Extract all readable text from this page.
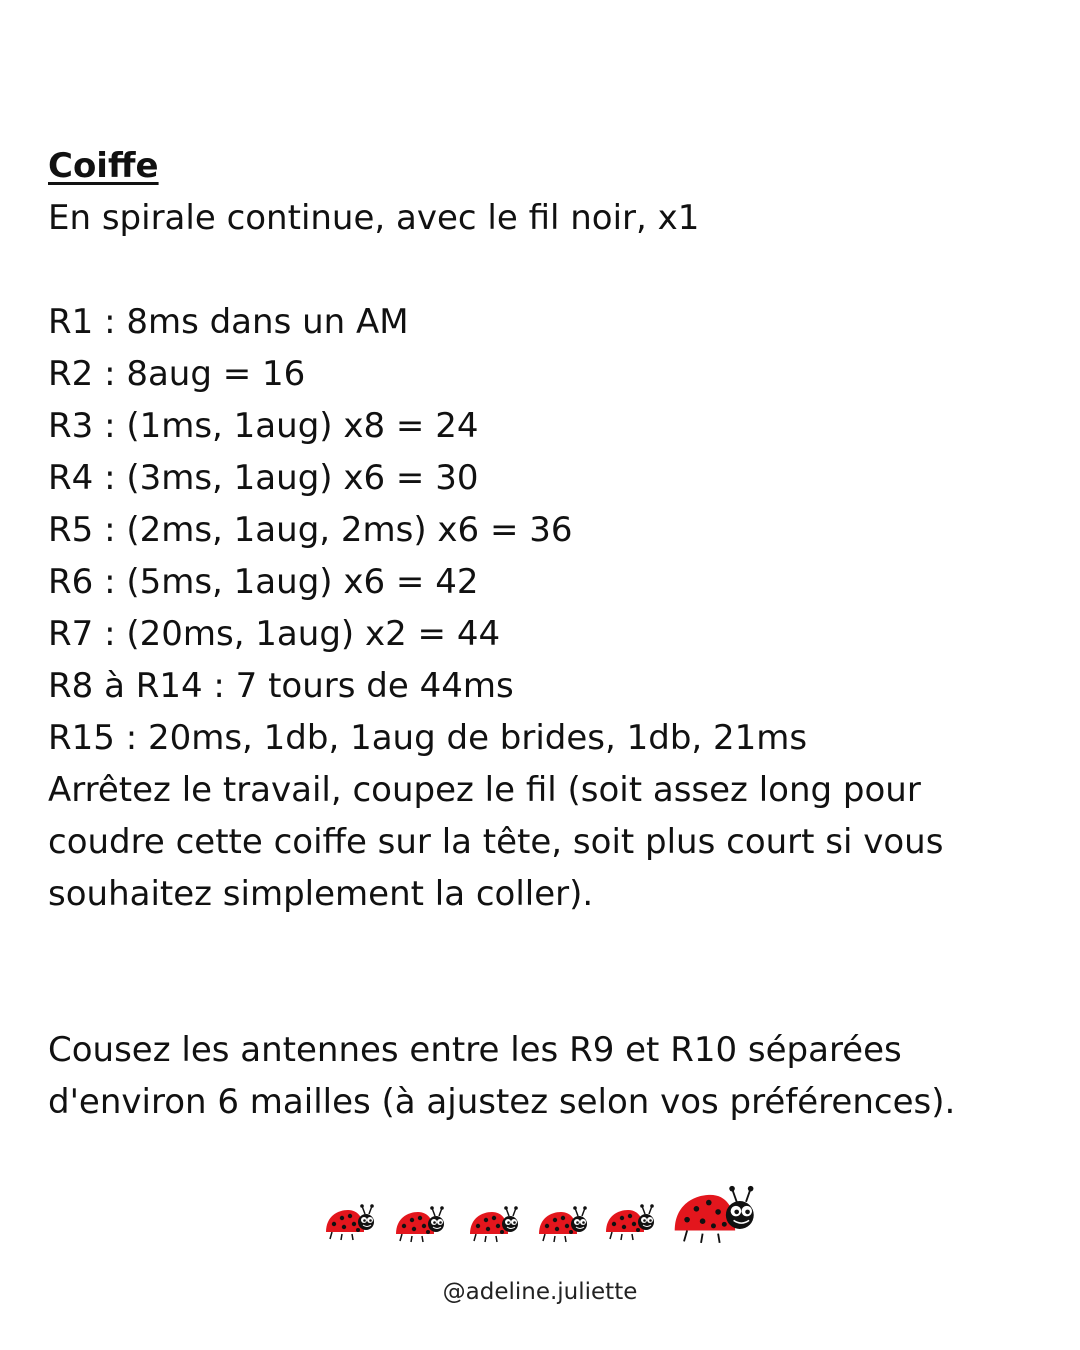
Coiffe

En spirale continue, avec le fil noir, x1

R1 : 8ms dans un AM

R2 : 8aug = 16

R3 : (1ms, 1aug) x8 = 24

R4 : (3ms, 1aug) x6 = 30

R5 : (2ms, 1aug, 2ms) x6 = 36

R6 : (5ms, 1aug) x6 = 42

R7 : (20ms, 1aug) x2 = 44

R8 à R14 : 7 tours de 44ms

R15 : 20ms, 1db, 1aug de brides, 1db, 21ms

Arrêtez le travail, coupez le fil (soit assez long pour

coudre cette coiffe sur la tête, soit plus court si vous

souhaitez simplement la coller).

Cousez les antennes entre les R9 et R10 séparées

d'environ 6 mailles (à ajustez selon vos préférences).

@adeline.juliette
